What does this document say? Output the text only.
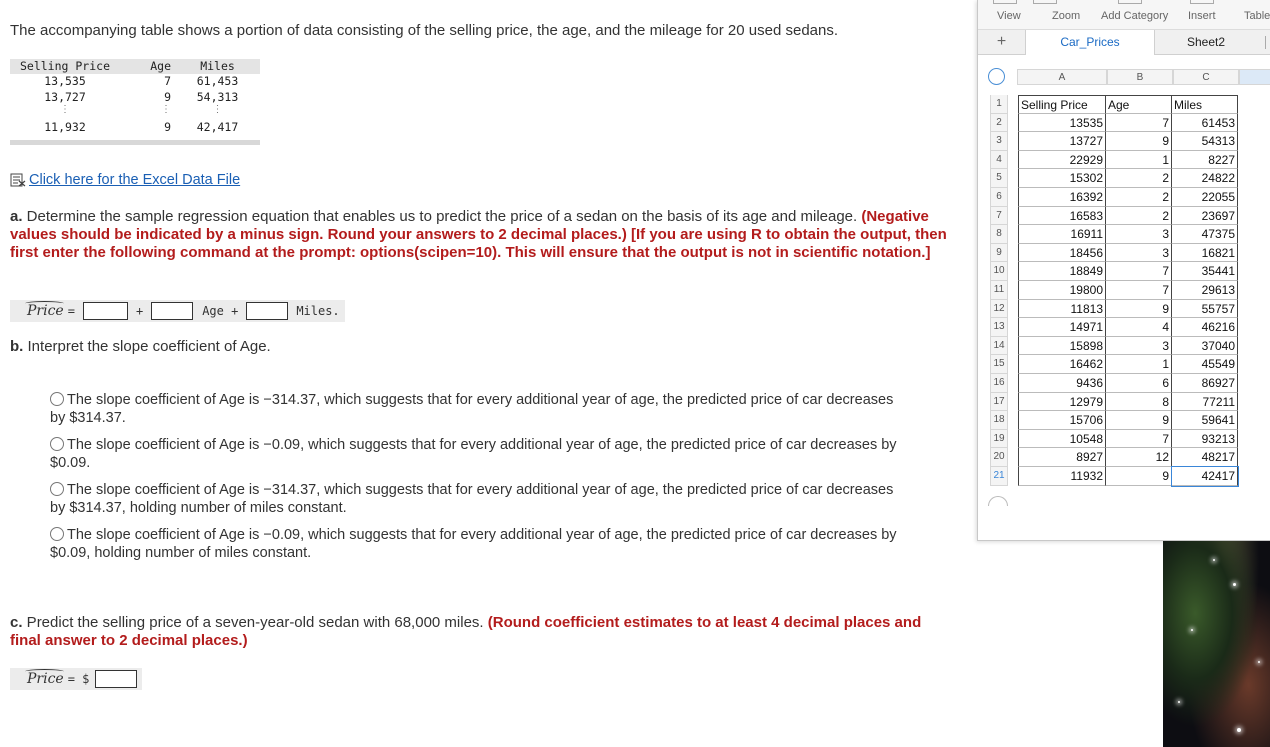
The accompanying table shows a portion of data consisting of the selling price, the age, and the mileage for 20 used sedans.
Selling Price	Age	Miles
13,535	7	61,453
13,727	9	54,313
⋮	⋮	⋮
11,932	9	42,417
Click here for the Excel Data File
a. Determine the sample regression equation that enables us to predict the price of a sedan on the basis of its age and mileage. (Negative values should be indicated by a minus sign. Round your answers to 2 decimal places.) [If you are using R to obtain the output, then first enter the following command at the prompt: options(scipen=10). This will ensure that the output is not in scientific notation.]
Price =	+	Age +	Miles.
b. Interpret the slope coefficient of Age.
The slope coefficient of Age is −314.37, which suggests that for every additional year of age, the predicted price of car decreases by $314.37.
The slope coefficient of Age is −0.09, which suggests that for every additional year of age, the predicted price of car decreases by $0.09.
The slope coefficient of Age is −314.37, which suggests that for every additional year of age, the predicted price of car decreases by $314.37, holding number of miles constant.
The slope coefficient of Age is −0.09, which suggests that for every additional year of age, the predicted price of car decreases by $0.09, holding number of miles constant.
c. Predict the selling price of a seven-year-old sedan with 68,000 miles. (Round coefficient estimates to at least 4 decimal places and final answer to 2 decimal places.)
Price = $
View	Zoom Add Category Insert	Table
+	Car_Prices	Sheet2
A	B	C
1
2
3
4
5
6
7
8
9
10
11
12
13
14
15
16
17
18
19
20
21
Selling Price	Age	Miles
13535	7	61453
13727	9	54313
22929	1	8227
15302	2	24822
16392	2	22055
16583	2	23697
16911	3	47375
18456	3	16821
18849	7	35441
19800	7	29613
11813	9	55757
14971	4	46216
15898	3	37040
16462	1	45549
9436	6	86927
12979	8	77211
15706	9	59641
10548	7	93213
8927	12	48217
11932	9	42417
